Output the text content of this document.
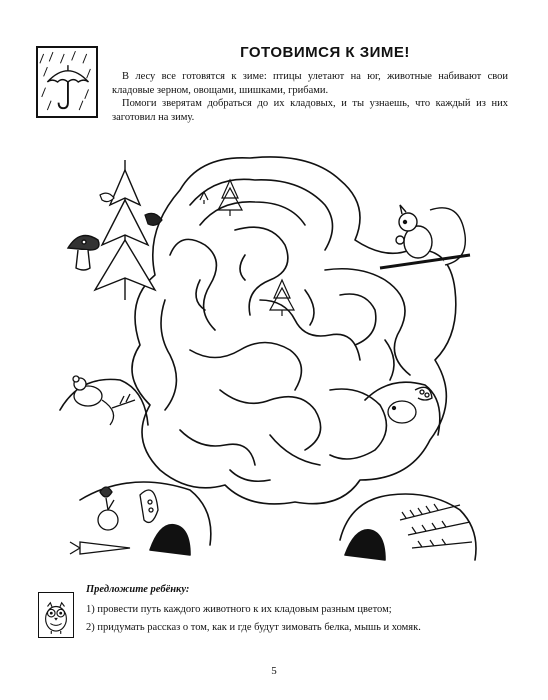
ГОТОВИМСЯ К ЗИМЕ!

В лесу все готовятся к зиме: птицы улетают на юг, животные набивают свои кладовые зерном, овощами, шишками, грибами.

Помоги зверятам добраться до их кладовых, и ты узнаешь, что каждый из них заготовил на зиму.

Предложите ребёнку:
1) провести путь каждого животного к их кладовым разным цветом;
2) придумать рассказ о том, как и где будут зимовать белка, мышь и хомяк.
5
